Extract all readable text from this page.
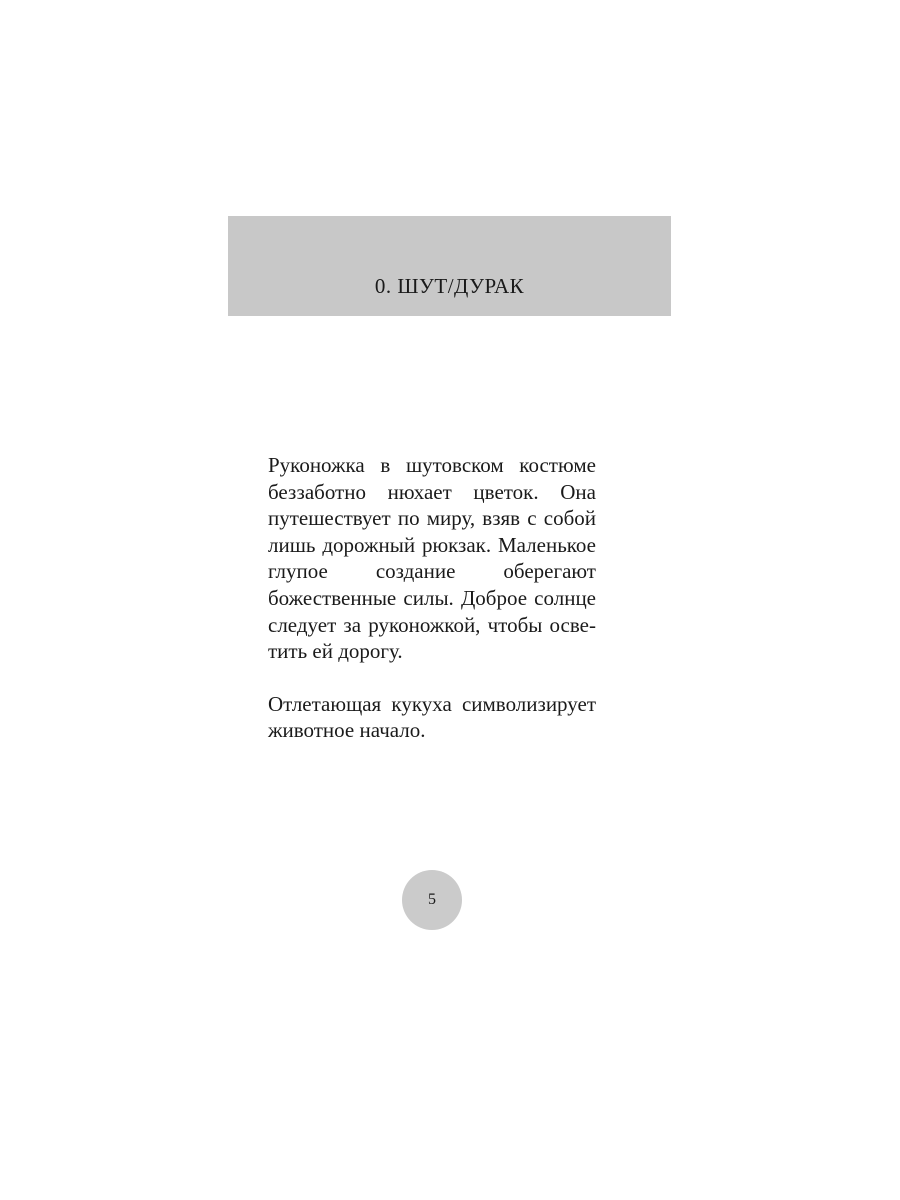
0. ШУТ/ДУРАК

Руконожка в шутовском костюме беззаботно нюхает цветок. Она путешествует по миру, взяв с собой лишь дорожный рюкзак. Маленькое глупое создание оберегают божественные силы. Доброе солнце следует за руконожкой, чтобы осветить ей дорогу.

Отлетающая кукуха символизирует животное начало.

5
